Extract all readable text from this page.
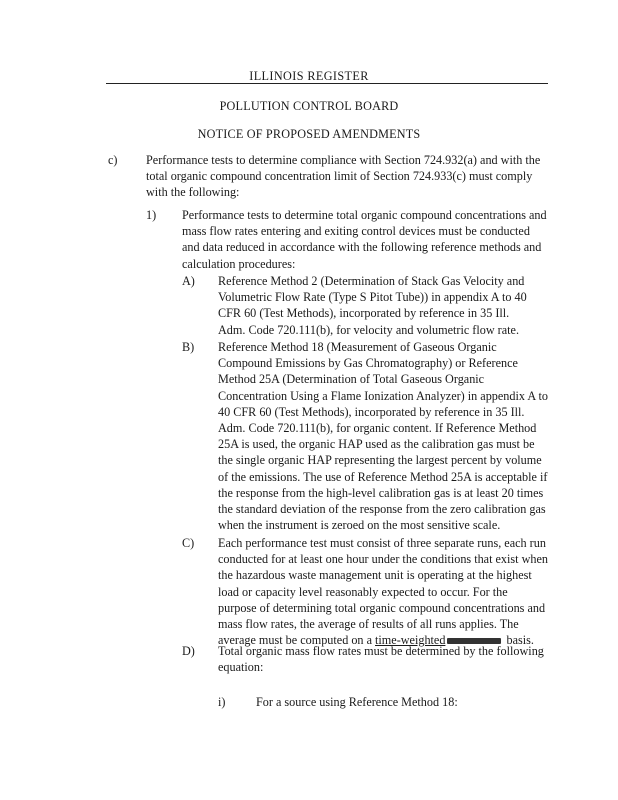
ILLINOIS REGISTER
POLLUTION CONTROL BOARD
NOTICE OF PROPOSED AMENDMENTS
c) Performance tests to determine compliance with Section 724.932(a) and with the total organic compound concentration limit of Section 724.933(c) must comply with the following:
1) Performance tests to determine total organic compound concentrations and mass flow rates entering and exiting control devices must be conducted and data reduced in accordance with the following reference methods and calculation procedures:
A) Reference Method 2 (Determination of Stack Gas Velocity and Volumetric Flow Rate (Type S Pitot Tube)) in appendix A to 40 CFR 60 (Test Methods), incorporated by reference in 35 Ill. Adm. Code 720.111(b), for velocity and volumetric flow rate.
B) Reference Method 18 (Measurement of Gaseous Organic Compound Emissions by Gas Chromatography) or Reference Method 25A (Determination of Total Gaseous Organic Concentration Using a Flame Ionization Analyzer) in appendix A to 40 CFR 60 (Test Methods), incorporated by reference in 35 Ill. Adm. Code 720.111(b), for organic content. If Reference Method 25A is used, the organic HAP used as the calibration gas must be the single organic HAP representing the largest percent by volume of the emissions. The use of Reference Method 25A is acceptable if the response from the high-level calibration gas is at least 20 times the standard deviation of the response from the zero calibration gas when the instrument is zeroed on the most sensitive scale.
C) Each performance test must consist of three separate runs, each run conducted for at least one hour under the conditions that exist when the hazardous waste management unit is operating at the highest load or capacity level reasonably expected to occur. For the purpose of determining total organic compound concentrations and mass flow rates, the average of results of all runs applies. The average must be computed on a time-weighted	basis.
D) Total organic mass flow rates must be determined by the following equation:
i)	For a source using Reference Method 18:
